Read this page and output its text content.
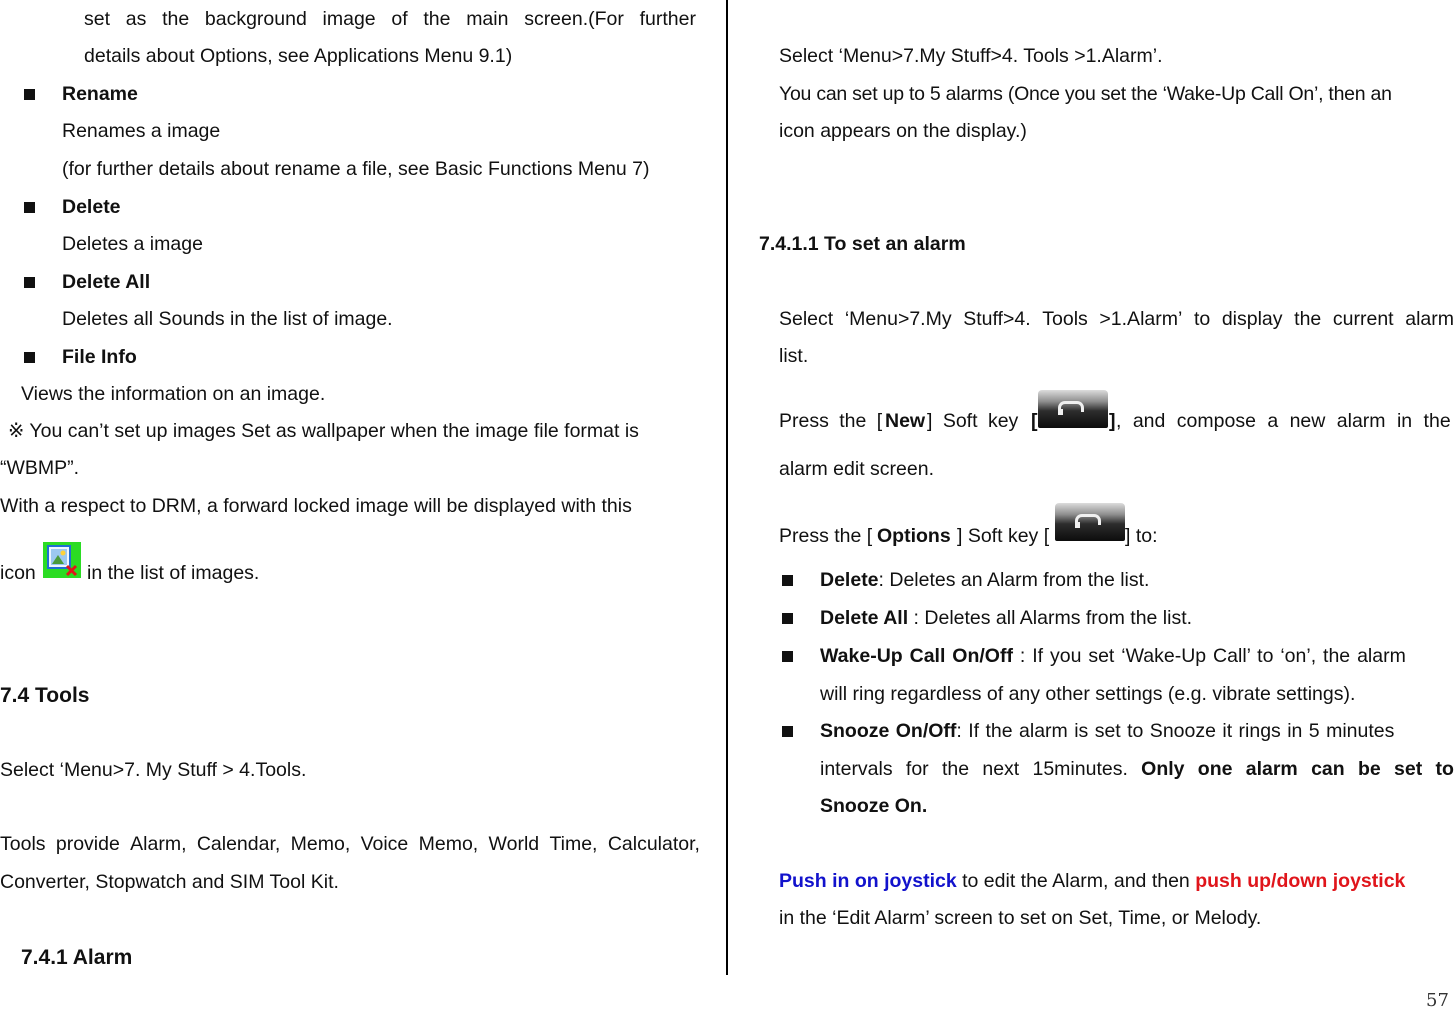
set as the background image of the main screen.(For further
details about Options, see Applications Menu 9.1)
Rename
Renames a image
(for further details about rename a file, see Basic Functions Menu 7)
Delete
Deletes a image
Delete All
Deletes all Sounds in the list of image.
File Info
Views the information on an image.
※ You can’t set up images Set as wallpaper when the image file format is
“WBMP”.
With a respect to DRM, a forward locked image will be displayed with this
icon	in the list of images.
7.4 Tools
Select ‘Menu>7. My Stuff > 4.Tools.
Tools provide Alarm, Calendar, Memo, Voice Memo, World Time, Calculator,
Converter, Stopwatch and SIM Tool Kit.
7.4.1 Alarm
Select ‘Menu>7.My Stuff>4. Tools >1.Alarm’.
You can set up to 5 alarms (Once you set the ‘Wake-Up Call On’, then an
icon appears on the display.)
7.4.1.1 To set an alarm
Select ‘Menu>7.My Stuff>4. Tools >1.Alarm’ to display the current alarm
list.
Press the [ New ] Soft key [	] , and compose a new alarm in the
alarm edit screen.
Press the [ Options ] Soft key [	] to:
Delete: Deletes an Alarm from the list.
Delete All : Deletes all Alarms from the list.
Wake-Up Call On/Off : If you set ‘Wake-Up Call’ to ‘on’, the alarm
will ring regardless of any other settings (e.g. vibrate settings).
Snooze On/Off: If the alarm is set to Snooze it rings in 5 minutes
intervals for the next 15minutes. Only one alarm can be set to
Snooze On.
Push in on joystick to edit the Alarm, and then push up/down joystick
in the ‘Edit Alarm’ screen to set on Set, Time, or Melody.
57
